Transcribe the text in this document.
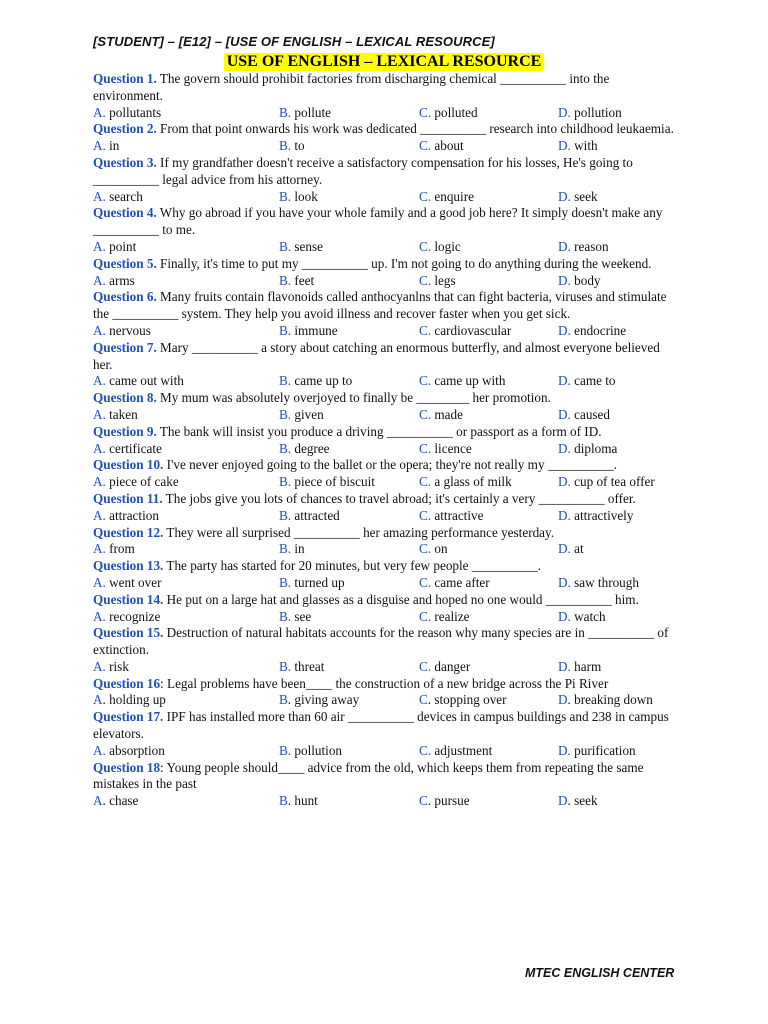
[STUDENT] – [E12] – [USE OF ENGLISH – LEXICAL RESOURCE]
USE OF ENGLISH – LEXICAL RESOURCE

Question 1. The govern should prohibit factories from discharging chemical __________ into the environment.

A. pollutants	B. pollute	C. polluted	D. pollution

Question 2. From that point onwards his work was dedicated __________ research into childhood leukaemia.

A. in	B. to	C. about	D. with

Question 3. If my grandfather doesn't receive a satisfactory compensation for his losses, He's going to __________ legal advice from his attorney.

A. search	B. look	C. enquire	D. seek

Question 4. Why go abroad if you have your whole family and a good job here? It simply doesn't make any __________ to me.

A. point	B. sense	C. logic	D. reason

Question 5. Finally, it's time to put my __________ up. I'm not going to do anything during the weekend.

A. arms	B. feet	C. legs	D. body

Question 6. Many fruits contain flavonoids called anthocyanlns that can fight bacteria, viruses and stimulate the __________ system. They help you avoid illness and recover faster when you get sick.

A. nervous	B. immune	C. cardiovascular	D. endocrine

Question 7. Mary __________ a story about catching an enormous butterfly, and almost everyone believed her.

A. came out with	B. came up to	C. came up with	D. came to

Question 8. My mum was absolutely overjoyed to finally be ________ her promotion.

A. taken	B. given	C. made	D. caused

Question 9. The bank will insist you produce a driving __________ or passport as a form of ID.

A. certificate	B. degree	C. licence	D. diploma

Question 10. I've never enjoyed going to the ballet or the opera; they're not really my __________.

A. piece of cake	B. piece of biscuit	C. a glass of milk	D. cup of tea offer

Question 11. The jobs give you lots of chances to travel abroad; it's certainly a very __________ offer.

A. attraction	B. attracted	C. attractive	D. attractively

Question 12. They were all surprised __________ her amazing performance yesterday.

A. from	B. in	C. on	D. at

Question 13. The party has started for 20 minutes, but very few people __________.

A. went over	B. turned up	C. came after	D. saw through

Question 14. He put on a large hat and glasses as a disguise and hoped no one would __________ him.

A. recognize	B. see	C. realize	D. watch

Question 15. Destruction of natural habitats accounts for the reason why many species are in __________ of extinction.

A. risk	B. threat	C. danger	D. harm

Question 16: Legal problems have been____ the construction of a new bridge across the Pi River

A. holding up	B. giving away	C. stopping over	D. breaking down

Question 17. IPF has installed more than 60 air __________ devices in campus buildings and 238 in campus elevators.

A. absorption	B. pollution	C. adjustment	D. purification

Question 18: Young people should____ advice from the old, which keeps them from repeating the same mistakes in the past

A. chase	B. hunt	C. pursue	D. seek
MTEC ENGLISH CENTER
